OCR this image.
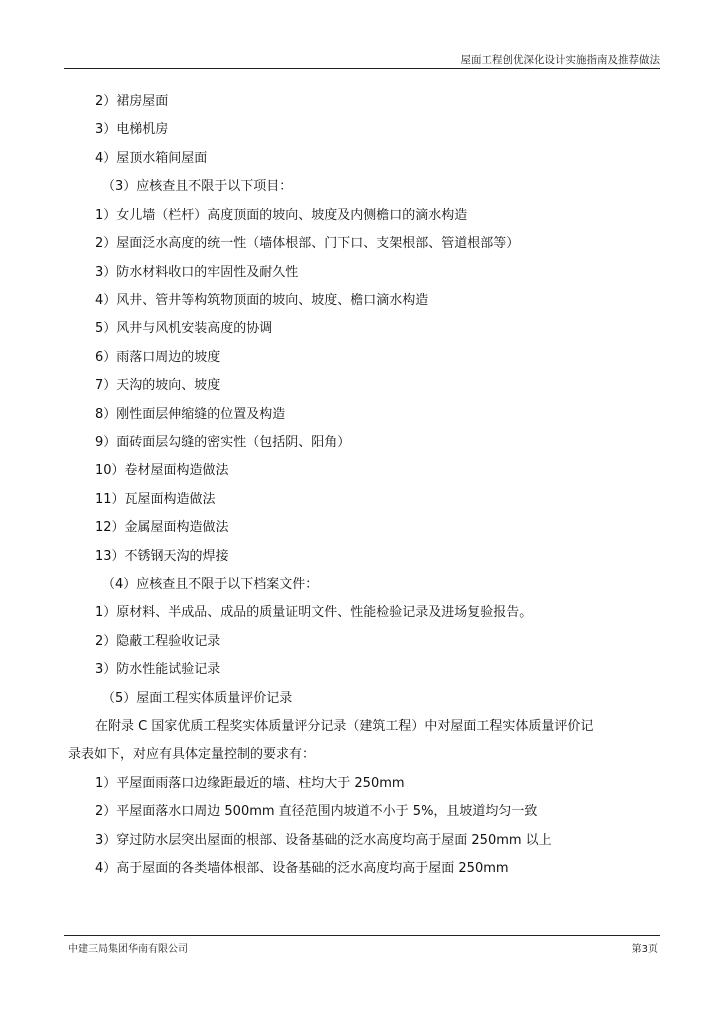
屋面工程创优深化设计实施指南及推荐做法
2）裙房屋面
3）电梯机房
4）屋顶水箱间屋面
（3）应核查且不限于以下项目：
1）女儿墙（栏杆）高度顶面的坡向、坡度及内侧檐口的滴水构造
2）屋面泛水高度的统一性（墙体根部、门下口、支架根部、管道根部等）
3）防水材料收口的牢固性及耐久性
4）风井、管井等构筑物顶面的坡向、坡度、檐口滴水构造
5）风井与风机安装高度的协调
6）雨落口周边的坡度
7）天沟的坡向、坡度
8）刚性面层伸缩缝的位置及构造
9）面砖面层勾缝的密实性（包括阴、阳角）
10）卷材屋面构造做法
11）瓦屋面构造做法
12）金属屋面构造做法
13）不锈钢天沟的焊接
（4）应核查且不限于以下档案文件：
1）原材料、半成品、成品的质量证明文件、性能检验记录及进场复验报告。
2）隐蔽工程验收记录
3）防水性能试验记录
（5）屋面工程实体质量评价记录
在附录 C 国家优质工程奖实体质量评分记录（建筑工程）中对屋面工程实体质量评价记
录表如下，对应有具体定量控制的要求有：
1）平屋面雨落口边缘距最近的墙、柱均大于 250mm
2）平屋面落水口周边 500mm 直径范围内坡道不小于 5%，且坡道均匀一致
3）穿过防水层突出屋面的根部、设备基础的泛水高度均高于屋面 250mm 以上
4）高于屋面的各类墙体根部、设备基础的泛水高度均高于屋面 250mm
中建三局集团华南有限公司	第3页
